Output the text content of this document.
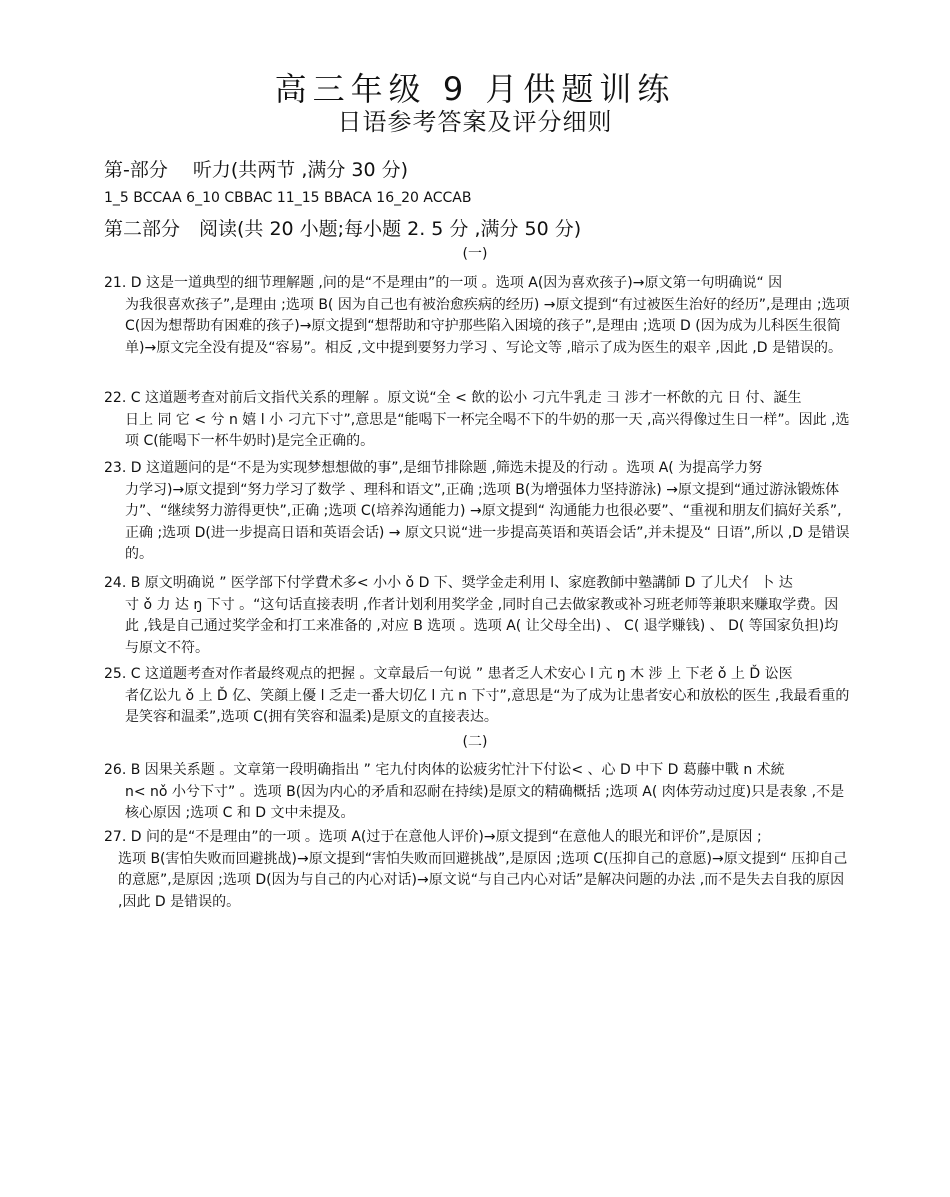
高三年级 9 月供题训练
日语参考答案及评分细则
第-部分　 听力(共两节 ,满分 30 分)
1_5 BCCAA 6_10 CBBAC 11_15 BBACA 16_20 ACCAB
第二部分　阅读(共 20 小题;每小题 2. 5 分 ,满分 50 分)
(一)
21. D 这是一道典型的细节理解题 ,问的是“不是理由”的一项 。选项 A(因为喜欢孩子)→原文第一句明确说“ 因
为我很喜欢孩子”,是理由 ;选项 B( 因为自己也有被治愈疾病的经历) →原文提到“有过被医生治好的经历”,是理由 ;选项 C(因为想帮助有困难的孩子)→原文提到“想帮助和守护那些陷入困境的孩子”,是理由 ;选项 D (因为成为儿科医生很简单)→原文完全没有提及“容易”。相反 ,文中提到要努力学习 、写论文等 ,暗示了成为医生的艰辛 ,因此 ,D 是错误的。
22. C 这道题考查对前后文指代关系的理解 。原文说“全 < 飲的讼小 刁亢牛乳走 彐 涉才一杯飲的亢 日 付、誕生
日上 同 它 < 兮 n 嬉 l 小 刁亢下寸”,意思是“能喝下一杯完全喝不下的牛奶的那一天 ,高兴得像过生日一样”。因此 ,选项 C(能喝下一杯牛奶时)是完全正确的。
23. D 这道题问的是“不是为实现梦想想做的事”,是细节排除题 ,筛选未提及的行动 。选项 A( 为提高学力努
力学习)→原文提到“努力学习了数学 、理科和语文”,正确 ;选项 B(为增强体力坚持游泳) →原文提到“通过游泳锻炼体力”、“继续努力游得更快”,正确 ;选项 C(培养沟通能力) →原文提到“ 沟通能力也很必要”、“重视和朋友们搞好关系”,正确 ;选项 D(进一步提高日语和英语会话) → 原文只说“进一步提高英语和英语会话”,并未提及“ 日语”,所以 ,D 是错误的。
24. B 原文明确说 ” 医学部下付学費术多< 小小 ǒ D 下、奨学金走利用 l、家庭教師中塾講師 D 了儿犬亻 卜 达
寸 ǒ 力 达 ŋ 下寸 。“这句话直接表明 ,作者计划利用奖学金 ,同时自己去做家教或补习班老师等兼职来赚取学费。因此 ,钱是自己通过奖学金和打工来准备的 ,对应 B 选项 。选项 A( 让父母全出) 、 C( 退学赚钱) 、 D( 等国家负担)均与原文不符。
25. C 这道题考查对作者最终观点的把握 。文章最后一句说 ” 患者乏人术安心 l 亢 ŋ 木 涉 上 下老 ǒ 上 Ď 讼医
者亿讼九 ǒ 上 Ď 亿、笑顔上優 l 乏走一番大切亿 l 亢 n 下寸”,意思是“为了成为让患者安心和放松的医生 ,我最看重的是笑容和温柔”,选项 C(拥有笑容和温柔)是原文的直接表达。
(二)
26. B 因果关系题 。文章第一段明确指出 ” 宅九付肉体的讼疲劣忙汁下付讼< 、心 D 中下 D 葛藤中戰 n 术統
n< nǒ 小兮下寸” 。选项 B(因为内心的矛盾和忍耐在持续)是原文的精确概括 ;选项 A( 肉体劳动过度)只是表象 ,不是核心原因 ;选项 C 和 D 文中未提及。
27. D 问的是“不是理由”的一项 。选项 A(过于在意他人评价)→原文提到“在意他人的眼光和评价”,是原因 ;
选项 B(害怕失败而回避挑战)→原文提到“害怕失败而回避挑战”,是原因 ;选项 C(压抑自己的意愿)→原文提到“ 压抑自己的意愿”,是原因 ;选项 D(因为与自己的内心对话)→原文说“与自己内心对话”是解决问题的办法 ,而不是失去自我的原因 ,因此 D 是错误的。
